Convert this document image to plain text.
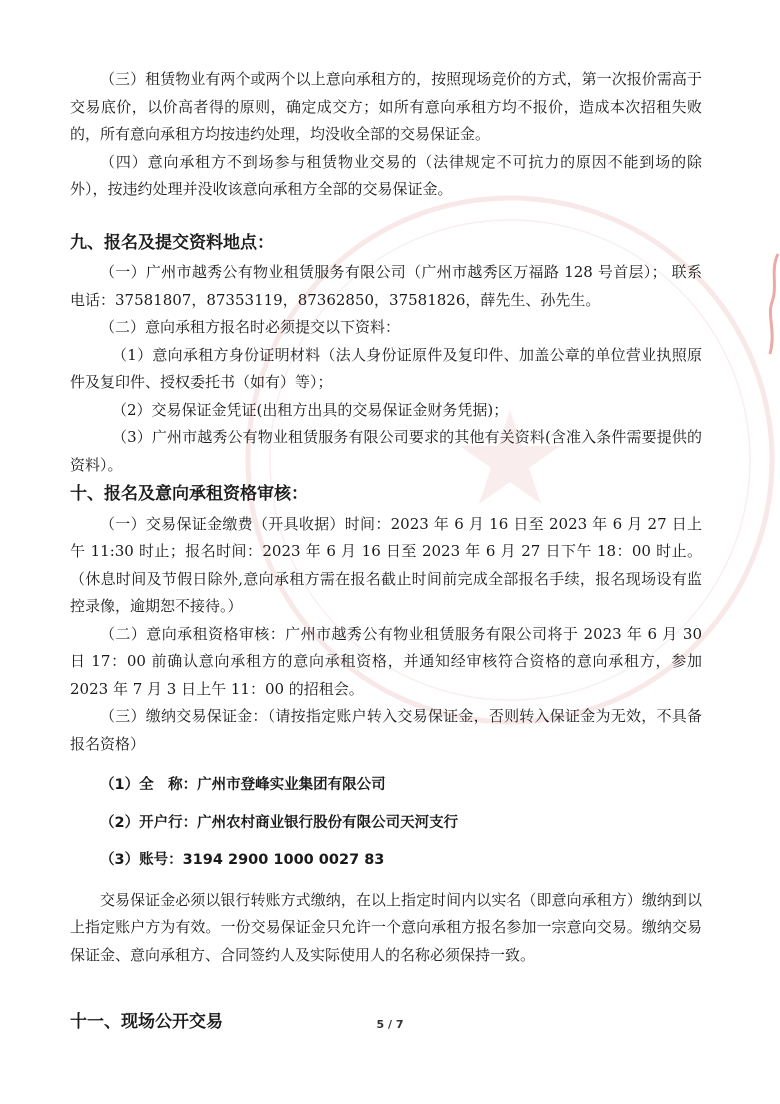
（三）租赁物业有两个或两个以上意向承租方的，按照现场竞价的方式，第一次报价需高于交易底价，以价高者得的原则，确定成交方；如所有意向承租方均不报价，造成本次招租失败的，所有意向承租方均按违约处理，均没收全部的交易保证金。

（四）意向承租方不到场参与租赁物业交易的（法律规定不可抗力的原因不能到场的除外），按违约处理并没收该意向承租方全部的交易保证金。

九、报名及提交资料地点：

（一）广州市越秀公有物业租赁服务有限公司（广州市越秀区万福路 128 号首层）； 联系电话：37581807，87353119，87362850，37581826，薛先生、孙先生。

（二）意向承租方报名时必须提交以下资料：

（1）意向承租方身份证明材料（法人身份证原件及复印件、加盖公章的单位营业执照原件及复印件、授权委托书（如有）等）；

（2）交易保证金凭证(出租方出具的交易保证金财务凭据)；

（3）广州市越秀公有物业租赁服务有限公司要求的其他有关资料(含准入条件需要提供的资料）。

十、报名及意向承租资格审核：

（一）交易保证金缴费（开具收据）时间：2023 年 6 月 16 日至 2023 年 6 月 27 日上午 11:30 时止；报名时间：2023 年 6 月 16 日至 2023 年 6 月 27 日下午 18：00 时止。（休息时间及节假日除外,意向承租方需在报名截止时间前完成全部报名手续，报名现场设有监控录像，逾期恕不接待。）

（二）意向承租资格审核：广州市越秀公有物业租赁服务有限公司将于 2023 年 6 月 30 日 17：00 前确认意向承租方的意向承租资格，并通知经审核符合资格的意向承租方，参加 2023 年 7 月 3 日上午 11：00 的招租会。

（三）缴纳交易保证金：（请按指定账户转入交易保证金，否则转入保证金为无效，不具备报名资格）

（1）全　称：广州市登峰实业集团有限公司

（2）开户行：广州农村商业银行股份有限公司天河支行

（3）账号：3194 2900 1000 0027 83

交易保证金必须以银行转账方式缴纳，在以上指定时间内以实名（即意向承租方）缴纳到以上指定账户方为有效。一份交易保证金只允许一个意向承租方报名参加一宗意向交易。缴纳交易保证金、意向承租方、合同签约人及实际使用人的名称必须保持一致。

十一、现场公开交易	5 / 7
